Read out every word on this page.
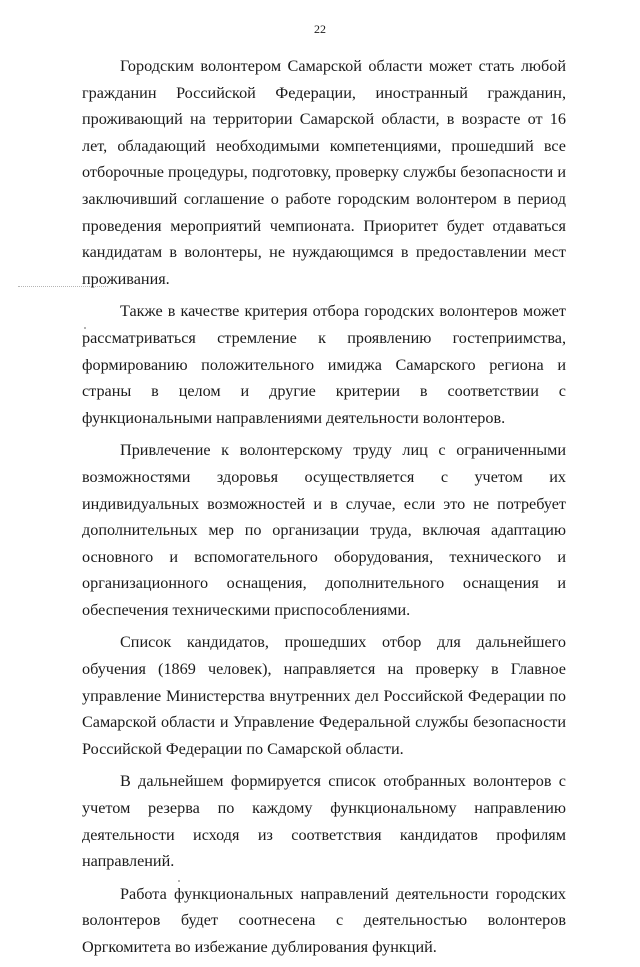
22

Городским волонтером Самарской области может стать любой гражданин Российской Федерации, иностранный гражданин, проживающий на территории Самарской области, в возрасте от 16 лет, обладающий необходимыми компетенциями, прошедший все отборочные процедуры, подготовку, проверку службы безопасности и заключивший соглашение о работе городским волонтером в период проведения мероприятий чемпионата. Приоритет будет отдаваться кандидатам в волонтеры, не нуждающимся в предоставлении мест проживания.

Также в качестве критерия отбора городских волонтеров может рассматриваться стремление к проявлению гостеприимства, формированию положительного имиджа Самарского региона и страны в целом и другие критерии в соответствии с функциональными направлениями деятельности волонтеров.

Привлечение к волонтерскому труду лиц с ограниченными возможностями здоровья осуществляется с учетом их индивидуальных возможностей и в случае, если это не потребует дополнительных мер по организации труда, включая адаптацию основного и вспомогательного оборудования, технического и организационного оснащения, дополнительного оснащения и обеспечения техническими приспособлениями.

Список кандидатов, прошедших отбор для дальнейшего обучения (1869 человек), направляется на проверку в Главное управление Министерства внутренних дел Российской Федерации по Самарской области и Управление Федеральной службы безопасности Российской Федерации по Самарской области.

В дальнейшем формируется список отобранных волонтеров с учетом резерва по каждому функциональному направлению деятельности исходя из соответствия кандидатов профилям направлений.

Работа функциональных направлений деятельности городских волонтеров будет соотнесена с деятельностью волонтеров Оргкомитета во избежание дублирования функций.
